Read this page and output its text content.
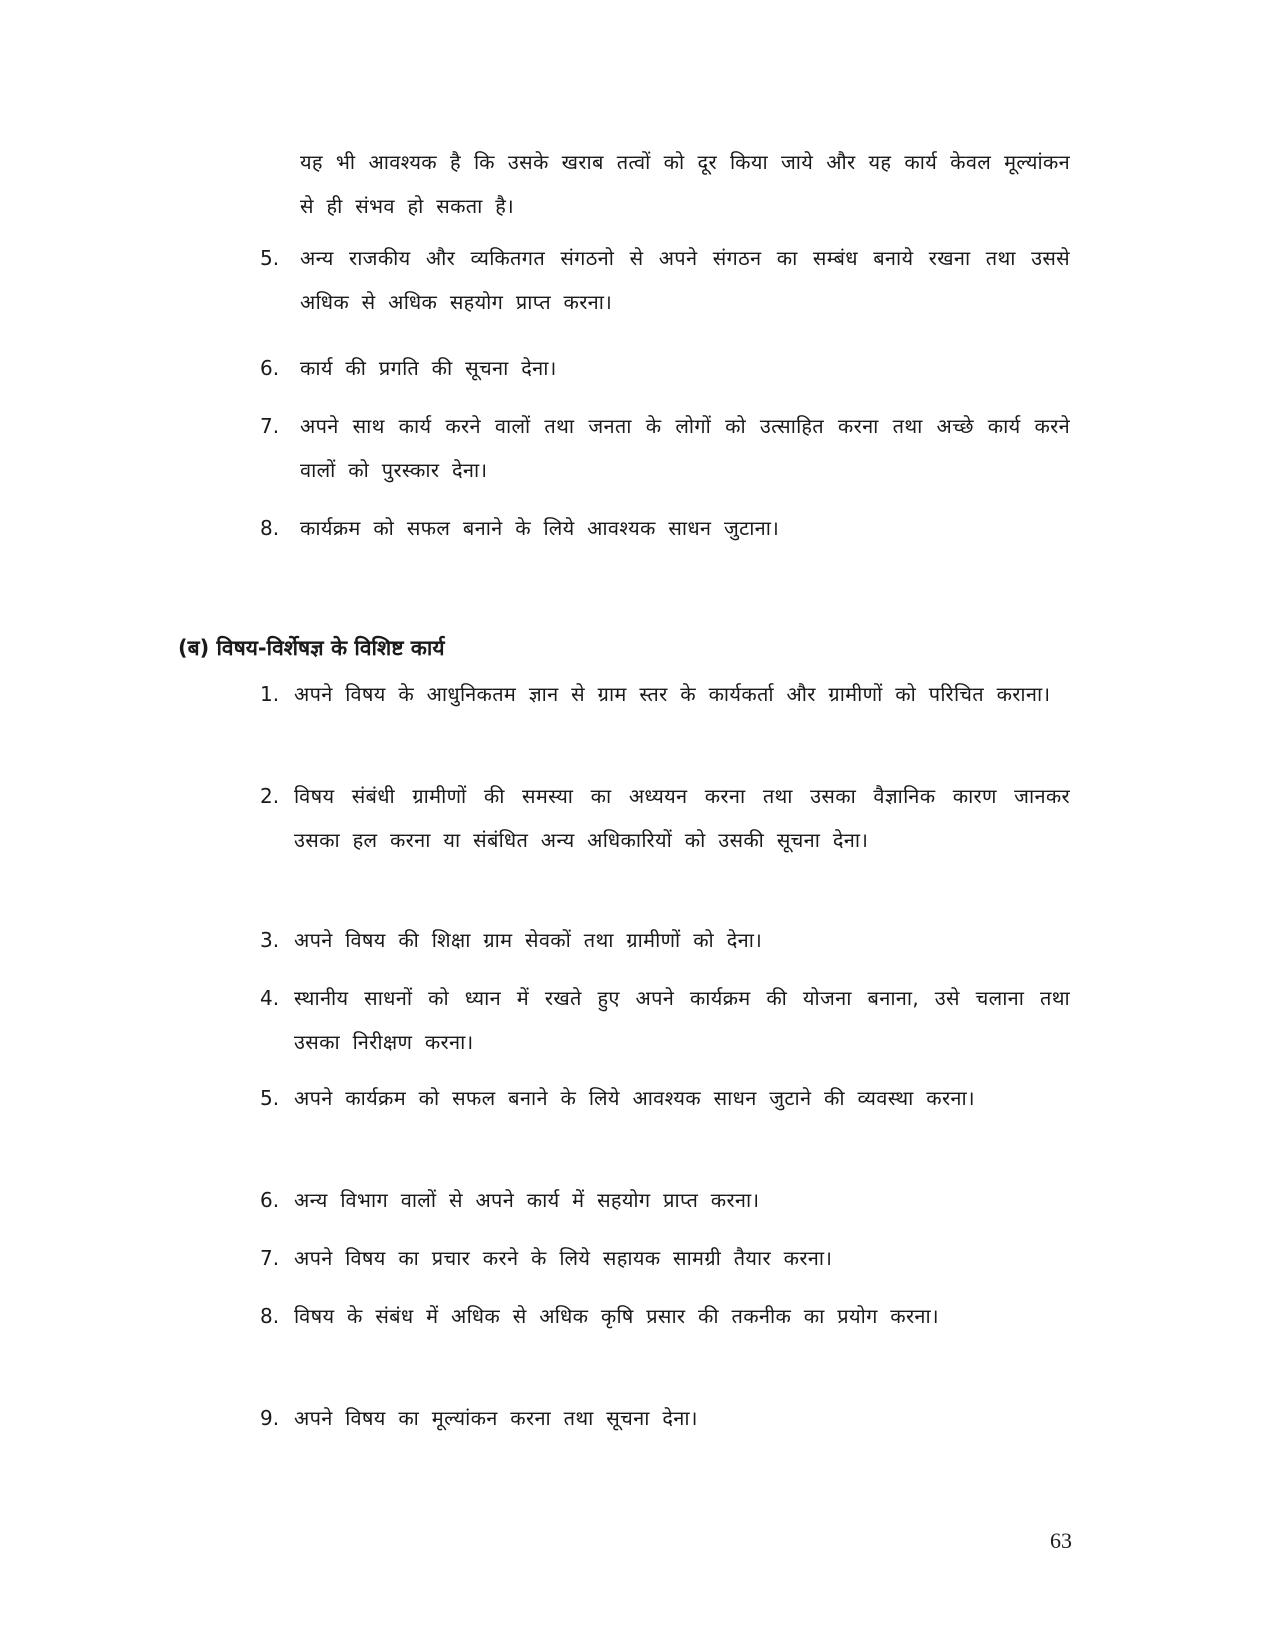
यह भी आवश्यक है कि उसके खराब तत्वों को दूर किया जाये और यह कार्य केवल मूल्यांकन से ही संभव हो सकता है।
5.	अन्य राजकीय और व्यकितगत संगठनो से अपने संगठन का सम्बंध बनाये रखना तथा उससे अधिक से अधिक सहयोग प्राप्त करना।
6.	कार्य की प्रगति की सूचना देना।
7.	अपने साथ कार्य करने वालों तथा जनता के लोगों को उत्साहित करना तथा अच्छे कार्य करने वालों को पुरस्कार देना।
8.	कार्यक्रम को सफल बनाने के लिये आवश्यक साधन जुटाना।
(ब) विषय-विर्शेषज्ञ के विशिष्ट कार्य
1. अपने विषय के आधुनिकतम ज्ञान से ग्राम स्तर के कार्यकर्ता और ग्रामीणों को परिचित कराना।
2. विषय संबंधी ग्रामीणों की समस्या का अध्ययन करना तथा उसका वैज्ञानिक कारण जानकर उसका हल करना या संबंधित अन्य अधिकारियों को उसकी सूचना देना।
3. अपने विषय की शिक्षा ग्राम सेवकों तथा ग्रामीणों को देना।
4. स्थानीय साधनों को ध्यान में रखते हुए अपने कार्यक्रम की योजना बनाना, उसे चलाना तथा उसका निरीक्षण करना।
5. अपने कार्यक्रम को सफल बनाने के लिये आवश्यक साधन जुटाने की व्यवस्था करना।
6. अन्य विभाग वालों से अपने कार्य में सहयोग प्राप्त करना।
7. अपने विषय का प्रचार करने के लिये सहायक सामग्री तैयार करना।
8. विषय के संबंध में अधिक से अधिक कृषि प्रसार की तकनीक का प्रयोग करना।
9. अपने विषय का मूल्यांकन करना तथा सूचना देना।
63
